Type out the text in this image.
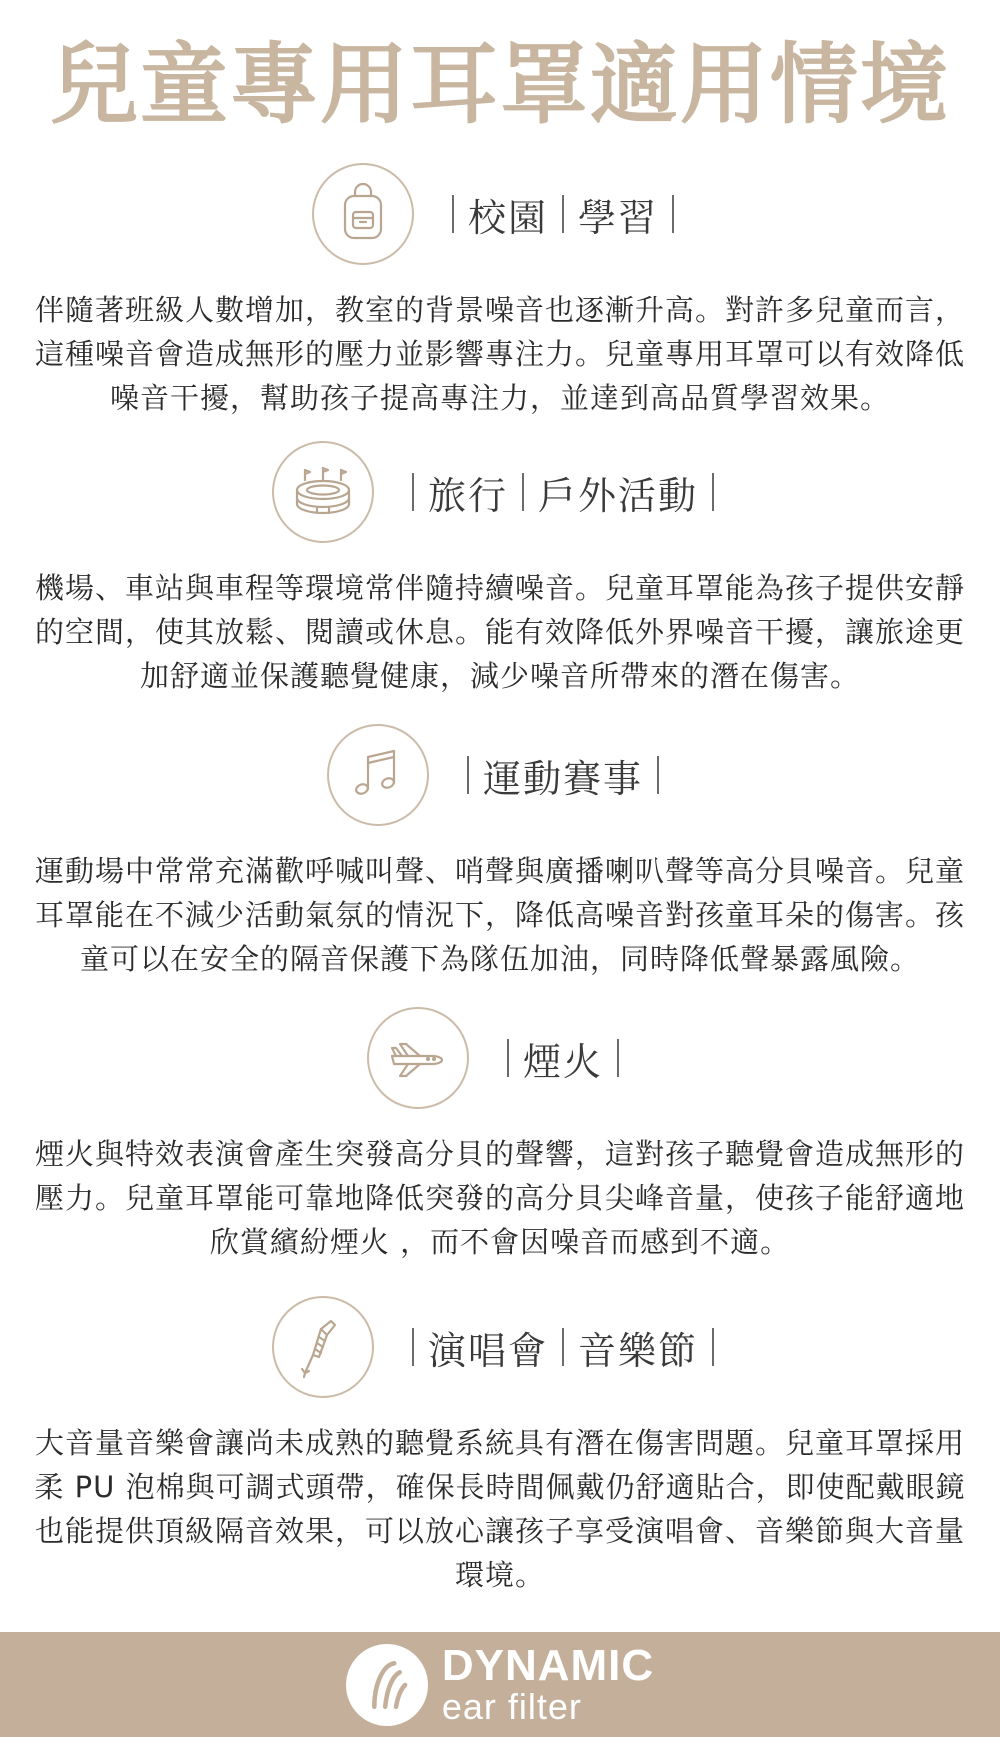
兒童專用耳罩適用情境
校園 學習
伴隨著班級人數增加，教室的背景噪音也逐漸升高。對許多兒童而言，這種噪音會造成無形的壓力並影響專注力。兒童專用耳罩可以有效降低噪音干擾，幫助孩子提高專注力，並達到高品質學習效果。
旅行 戶外活動
機場、車站與車程等環境常伴隨持續噪音。兒童耳罩能為孩子提供安靜的空間，使其放鬆、閱讀或休息。能有效降低外界噪音干擾，讓旅途更加舒適並保護聽覺健康，減少噪音所帶來的潛在傷害。
運動賽事
運動場中常常充滿歡呼喊叫聲、哨聲與廣播喇叭聲等高分貝噪音。兒童耳罩能在不減少活動氣氛的情況下，降低高噪音對孩童耳朵的傷害。孩童可以在安全的隔音保護下為隊伍加油，同時降低聲暴露風險。
煙火
煙火與特效表演會產生突發高分貝的聲響，這對孩子聽覺會造成無形的壓力。兒童耳罩能可靠地降低突發的高分貝尖峰音量，使孩子能舒適地欣賞繽紛煙火 ，而不會因噪音而感到不適。
演唱會 音樂節
大音量音樂會讓尚未成熟的聽覺系統具有潛在傷害問題。兒童耳罩採用柔 PU 泡棉與可調式頭帶，確保長時間佩戴仍舒適貼合，即使配戴眼鏡也能提供頂級隔音效果，可以放心讓孩子享受演唱會、音樂節與大音量環境。
DYNAMIC
ear filter
